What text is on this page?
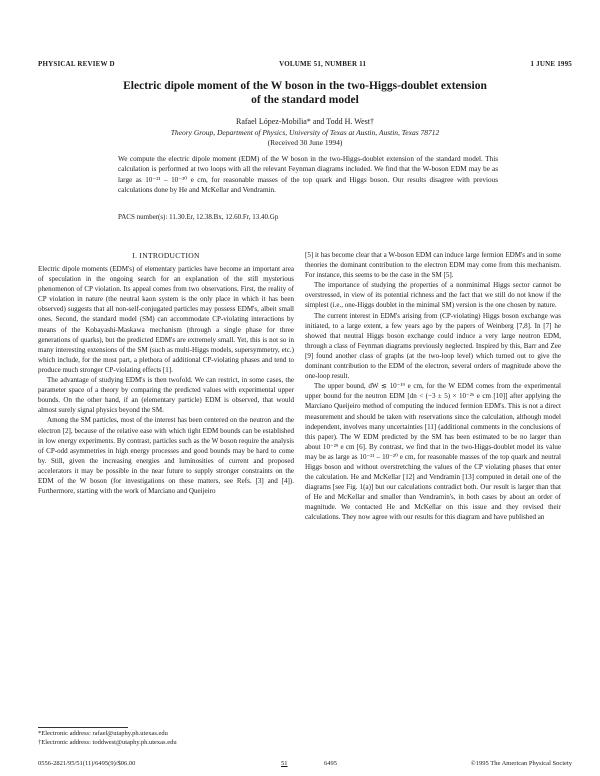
PHYSICAL REVIEW D	VOLUME 51, NUMBER 11	1 JUNE 1995
Electric dipole moment of the W boson in the two-Higgs-doublet extension
of the standard model
Rafael López-Mobilia* and Todd H. West†
Theory Group, Department of Physics, University of Texas at Austin, Austin, Texas 78712
(Received 30 June 1994)
We compute the electric dipole moment (EDM) of the W boson in the two-Higgs-doublet extension of the standard model. This calculation is performed at two loops with all the relevant Feynman diagrams included. We find that the W-boson EDM may be as large as 10⁻²¹ – 10⁻²⁰ e cm, for reasonable masses of the top quark and Higgs boson. Our results disagree with previous calculations done by He and McKellar and Vendramin.
PACS number(s): 11.30.Er, 12.38.Bx, 12.60.Fr, 13.40.Gp
I. INTRODUCTION

Electric dipole moments (EDM's) of elementary particles have become an important area of speculation in the ongoing search for an explanation of the still mysterious phenomenon of CP violation. Its appeal comes from two observations. First, the reality of CP violation in nature (the neutral kaon system is the only place in which it has been observed) suggests that all non-self-conjugated particles may possess EDM's, albeit small ones. Second, the standard model (SM) can accommodate CP-violating interactions by means of the Kobayashi-Maskawa mechanism (through a single phase for three generations of quarks), but the predicted EDM's are extremely small. Yet, this is not so in many interesting extensions of the SM (such as multi-Higgs models, supersymmetry, etc.) which include, for the most part, a plethora of additional CP-violating phases and tend to produce much stronger CP-violating effects [1].

The advantage of studying EDM's is then twofold. We can restrict, in some cases, the parameter space of a theory by comparing the predicted values with experimental upper bounds. On the other hand, if an (elementary particle) EDM is observed, that would almost surely signal physics beyond the SM.

Among the SM particles, most of the interest has been centered on the neutron and the electron [2], because of the relative ease with which tight EDM bounds can be established in low energy experiments. By contrast, particles such as the W boson require the analysis of CP-odd asymmetries in high energy processes and good bounds may be hard to come by. Still, given the increasing energies and luminosities of current and proposed accelerators it may be possible in the near future to supply stronger constraints on the EDM of the W boson (for investigations on these matters, see Refs. [3] and [4]). Furthermore, starting with the work of Marciano and Queijeiro

[5] it has become clear that a W-boson EDM can induce large fermion EDM's and in some theories the dominant contribution to the electron EDM may come from this mechanism. For instance, this seems to be the case in the SM [5].

The importance of studying the properties of a nonminimal Higgs sector cannot be overstressed, in view of its potential richness and the fact that we still do not know if the simplest (i.e., one-Higgs doublet in the minimal SM) version is the one chosen by nature.

The current interest in EDM's arising from (CP-violating) Higgs boson exchange was initiated, to a large extent, a few years ago by the papers of Weinberg [7,8]. In [7] he showed that neutral Higgs boson exchange could induce a very large neutron EDM, through a class of Feynman diagrams previously neglected. Inspired by this, Barr and Zee [9] found another class of graphs (at the two-loop level) which turned out to give the dominant contribution to the EDM of the electron, several orders of magnitude above the one-loop result.

The upper bound, dW ≲ 10⁻¹⁹ e cm, for the W EDM comes from the experimental upper bound for the neutron EDM [dn < (−3 ± 5) × 10⁻²⁶ e cm [10]] after applying the Marciano Queijeiro method of computing the induced fermion EDM's. This is not a direct measurement and should be taken with reservations since the calculation, although model independent, involves many uncertainties [11] (additional comments in the conclusions of this paper). The W EDM predicted by the SM has been estimated to be no larger than about 10⁻²⁹ e cm [6]. By contrast, we find that in the two-Higgs-doublet model its value may be as large as 10⁻²¹ – 10⁻²⁰ e cm, for reasonable masses of the top quark and neutral Higgs boson and without overstretching the values of the CP violating phases that enter the calculation. He and McKellar [12] and Vendramin [13] computed in detail one of the diagrams [see Fig. 1(a)] but our calculations contradict both. Our result is larger than that of He and McKellar and smaller than Vendramin's, in both cases by about an order of magnitude. We contacted He and McKellar on this issue and they revised their calculations. They now agree with our results for this diagram and have published an

*Electronic address: rafael@utaphy.ph.utexas.edu
†Electronic address: toddwest@utaphy.ph.utexas.edu
0556-2821/95/51(11)/6495(9)/$06.00	51	6495	©1995 The American Physical Society
